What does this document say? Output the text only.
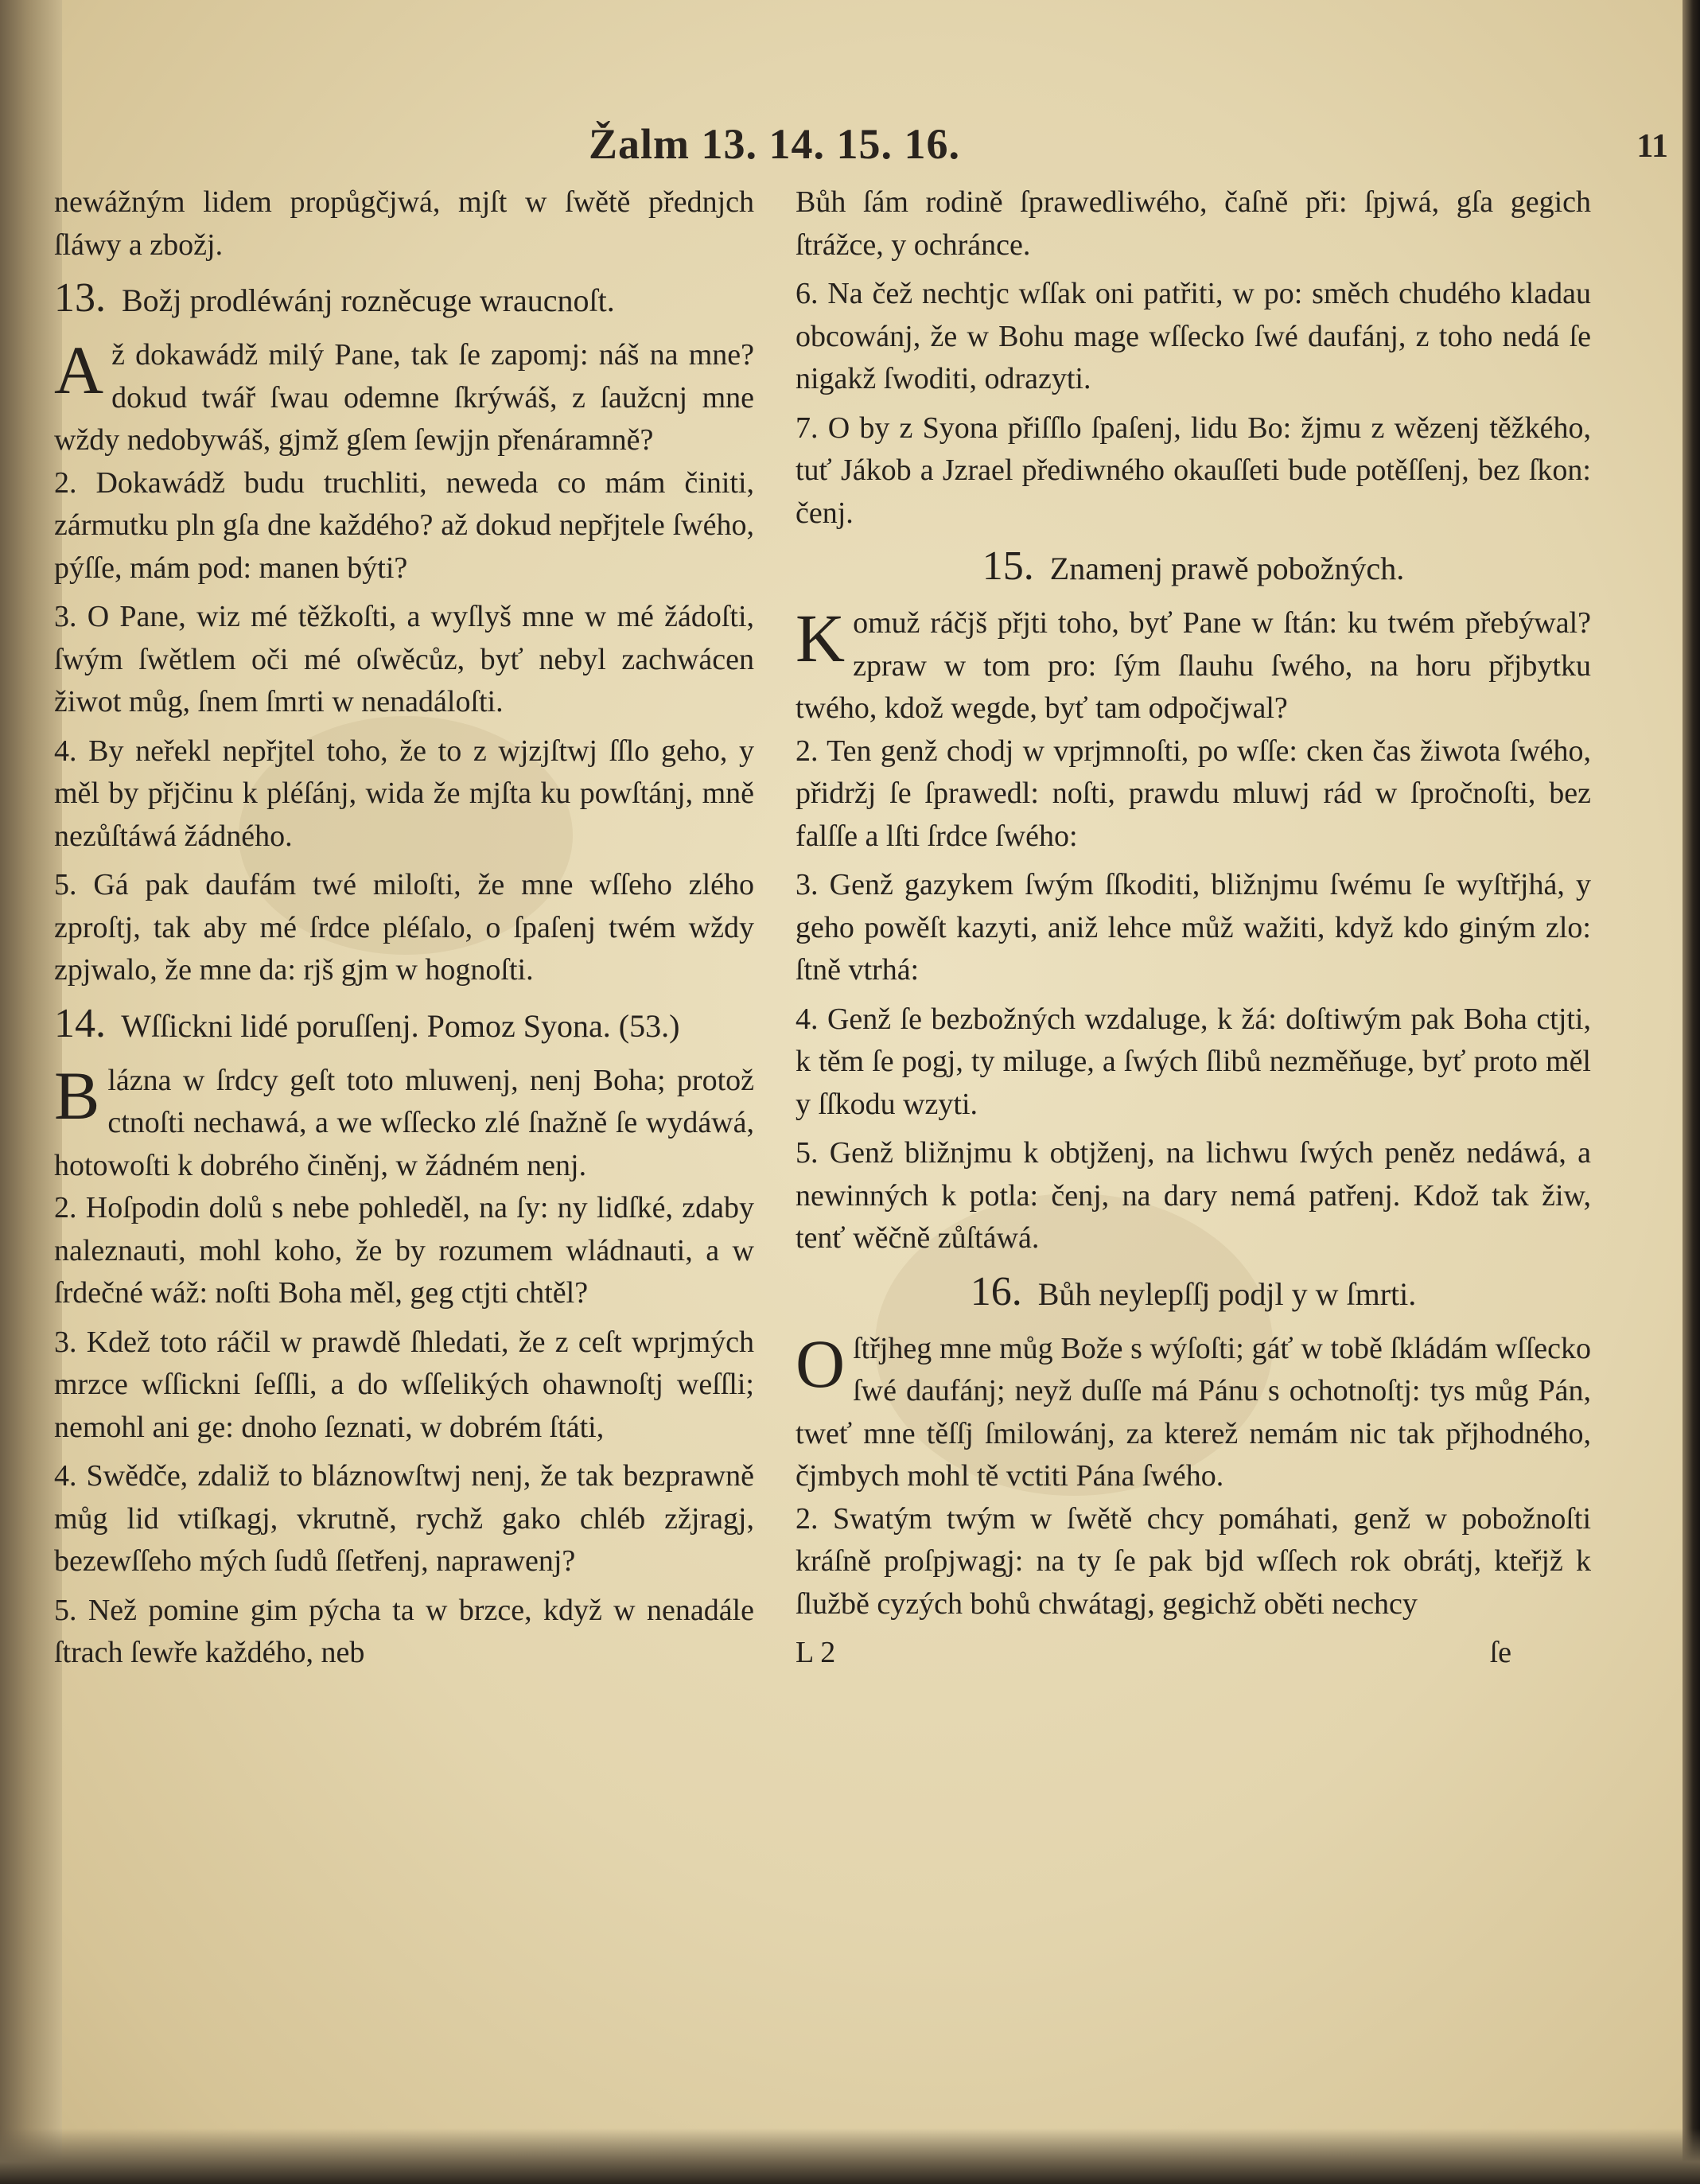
Žalm 13. 14. 15. 16.	11

newážným lidem propůgčjwá, mjſt w ſwětě přednjch ſláwy a zbožj.

13. Božj prodléwánj rozněcuge wraucnoſt.

Až dokawádž milý Pane, tak ſe zapomj: náš na mne? dokud twář ſwau odemne ſkrýwáš, z ſaužcnj mne wždy nedobywáš, gjmž gſem ſewjjn přenáramně?

2. Dokawádž budu truchliti, neweda co mám činiti, zármutku pln gſa dne každého? až dokud nepřjtele ſwého, pýſſe, mám pod: manen býti?

3. O Pane, wiz mé těžkoſti, a wyſlyš mne w mé žádoſti, ſwým ſwětlem oči mé oſwěcůz, byť nebyl zachwácen žiwot můg, ſnem ſmrti w nenadáloſti.

4. By neřekl nepřjtel toho, že to z wjzjſtwj ſſlo geho, y měl by přjčinu k pléſánj, wida že mjſta ku powſtánj, mně nezůſtáwá žádného.

5. Gá pak daufám twé miloſti, že mne wſſeho zlého zproſtj, tak aby mé ſrdce pléſalo, o ſpaſenj twém wždy zpjwalo, že mne da: rjš gjm w hognoſti.

14. Wſſickni lidé poruſſenj. Pomoz Syona. (53.)

Blázna w ſrdcy geſt toto mluwenj, nenj Boha; protož ctnoſti nechawá, a we wſſecko zlé ſnažně ſe wydáwá, hotowoſti k dobrého činěnj, w žádném nenj.

2. Hoſpodin dolů s nebe pohleděl, na ſy: ny lidſké, zdaby naleznauti, mohl koho, že by rozumem wládnauti, a w ſrdečné wáž: noſti Boha měl, geg ctjti chtěl?

3. Kdež toto ráčil w prawdě ſhledati, že z ceſt wprjmých mrzce wſſickni ſeſſli, a do wſſelikých ohawnoſtj weſſli; nemohl ani ge: dnoho ſeznati, w dobrém ſtáti,

4. Swědče, zdaliž to bláznowſtwj nenj, že tak bezprawně můg lid vtiſkagj, vkrutně, rychž gako chléb zžjragj, bezewſſeho mých ſudů ſſetřenj, naprawenj?

5. Než pomine gim pýcha ta w brzce, když w nenadále ſtrach ſewře každého, neb

Bůh ſám rodině ſprawedliwého, čaſně při: ſpjwá, gſa gegich ſtrážce, y ochránce.

6. Na čež nechtjc wſſak oni patřiti, w po: směch chudého kladau obcowánj, že w Bohu mage wſſecko ſwé daufánj, z toho nedá ſe nigakž ſwoditi, odrazyti.

7. O by z Syona přiſſlo ſpaſenj, lidu Bo: žjmu z wězenj těžkého, tuť Jákob a Jzrael přediwného okauſſeti bude potěſſenj, bez ſkon: čenj.

15. Znamenj prawě pobožných.

Komuž ráčjš přjti toho, byť Pane w ſtán: ku twém přebýwal? zpraw w tom pro: ſým ſlauhu ſwého, na horu přjbytku twého, kdož wegde, byť tam odpočjwal?

2. Ten genž chodj w vprjmnoſti, po wſſe: cken čas žiwota ſwého, přidržj ſe ſprawedl: noſti, prawdu mluwj rád w ſpročnoſti, bez falſſe a lſti ſrdce ſwého:

3. Genž gazykem ſwým ſſkoditi, bližnjmu ſwému ſe wyſtřjhá, y geho powěſt kazyti, aniž lehce můž wažiti, když kdo giným zlo: ſtně vtrhá:

4. Genž ſe bezbožných wzdaluge, k žá: doſtiwým pak Boha ctjti, k těm ſe pogj, ty miluge, a ſwých ſlibů nezměňuge, byť proto měl y ſſkodu wzyti.

5. Genž bližnjmu k obtjženj, na lichwu ſwých peněz nedáwá, a newinných k potla: čenj, na dary nemá patřenj. Kdož tak žiw, tenť wěčně zůſtáwá.

16. Bůh neylepſſj podjl y w ſmrti.

Oſtřjheg mne můg Bože s wýſoſti; gáť w tobě ſkládám wſſecko ſwé daufánj; neyž duſſe má Pánu s ochotnoſtj: tys můg Pán, tweť mne těſſj ſmilowánj, za kterež nemám nic tak přjhodného, čjmbych mohl tě vctiti Pána ſwého.

2. Swatým twým w ſwětě chcy pomáhati, genž w pobožnoſti kráſně proſpjwagj: na ty ſe pak bjd wſſech rok obrátj, kteřjž k ſlužbě cyzých bohů chwátagj, gegichž oběti nechcy

L 2	ſe
